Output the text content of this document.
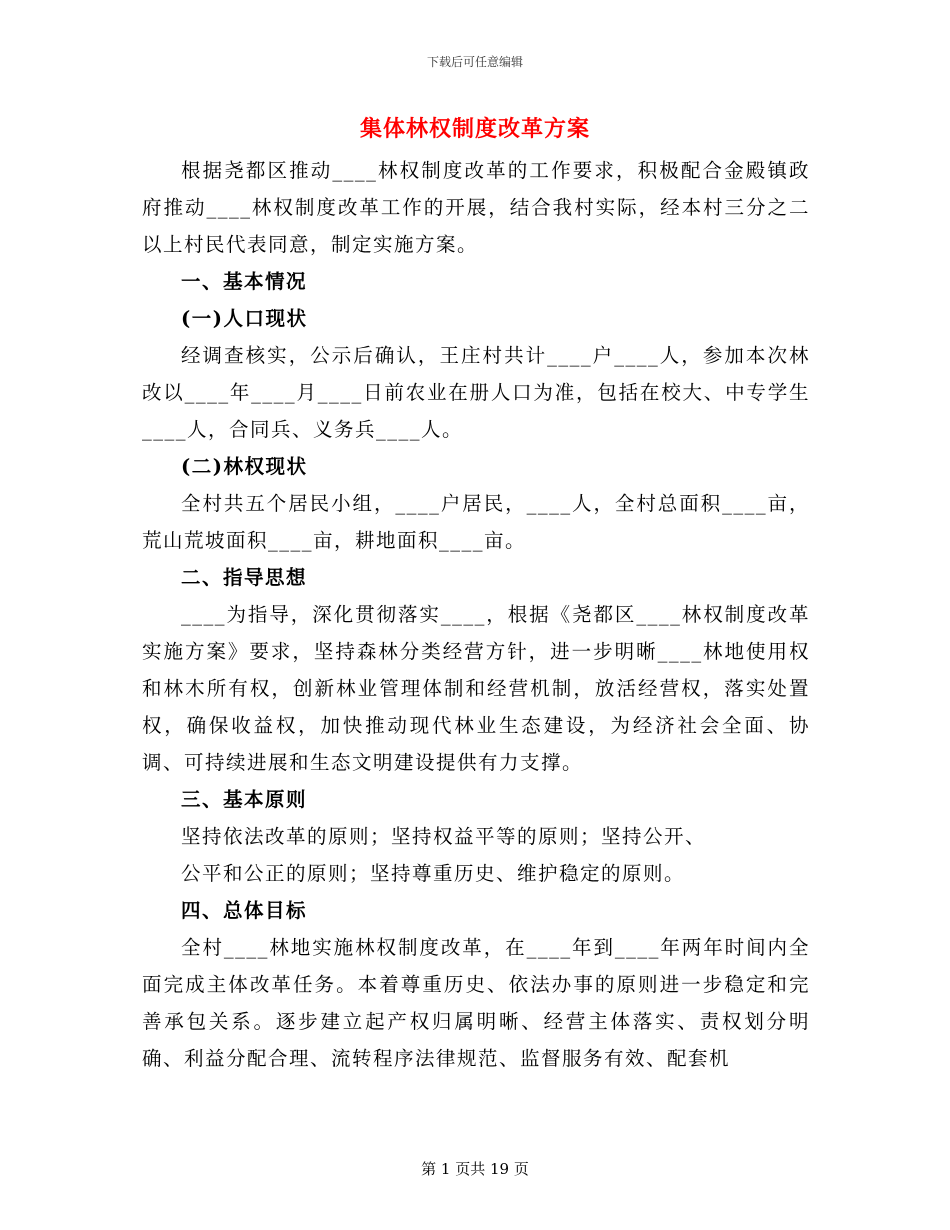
下载后可任意编辑
集体林权制度改革方案

根据尧都区推动____林权制度改革的工作要求，积极配合金殿镇政府推动____林权制度改革工作的开展，结合我村实际，经本村三分之二以上村民代表同意，制定实施方案。

一、基本情况

(一)人口现状

经调查核实，公示后确认，王庄村共计____户____人，参加本次林改以____年____月____日前农业在册人口为准，包括在校大、中专学生____人，合同兵、义务兵____人。

(二)林权现状

全村共五个居民小组，____户居民，____人，全村总面积____亩，荒山荒坡面积____亩，耕地面积____亩。

二、指导思想

____为指导，深化贯彻落实____，根据《尧都区____林权制度改革实施方案》要求，坚持森林分类经营方针，进一步明晰____林地使用权和林木所有权，创新林业管理体制和经营机制，放活经营权，落实处置权，确保收益权，加快推动现代林业生态建设，为经济社会全面、协调、可持续进展和生态文明建设提供有力支撑。

三、基本原则

坚持依法改革的原则；坚持权益平等的原则；坚持公开、

公平和公正的原则；坚持尊重历史、维护稳定的原则。

四、总体目标

全村____林地实施林权制度改革，在____年到____年两年时间内全面完成主体改革任务。本着尊重历史、依法办事的原则进一步稳定和完善承包关系。逐步建立起产权归属明晰、经营主体落实、责权划分明确、利益分配合理、流转程序法律规范、监督服务有效、配套机

第 1 页共 19 页
